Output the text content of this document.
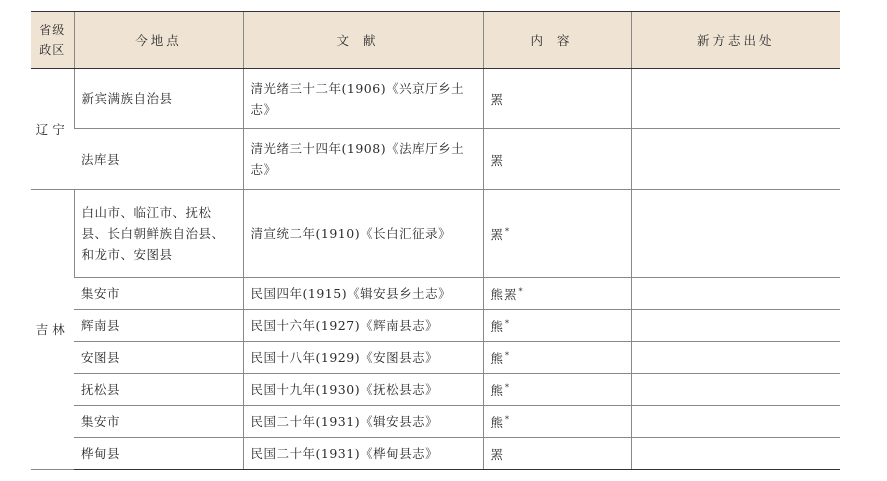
省级
政区	今地点	文献	内容	新方志出处
辽宁	新宾满族自治县	清光绪三十二年(1906)《兴京厅乡土志》	罴	
	法库县	清光绪三十四年(1908)《法库厅乡土志》	罴	
吉林	白山市、临江市、抚松县、长白朝鲜族自治县、和龙市、安图县	清宣统二年(1910)《长白汇征录》	罴*	
	集安市	民国四年(1915)《辑安县乡土志》	熊罴*	
	辉南县	民国十六年(1927)《辉南县志》	熊*	
	安图县	民国十八年(1929)《安图县志》	熊*	
	抚松县	民国十九年(1930)《抚松县志》	熊*	
	集安市	民国二十年(1931)《辑安县志》	熊*	
	桦甸县	民国二十年(1931)《桦甸县志》	罴	
